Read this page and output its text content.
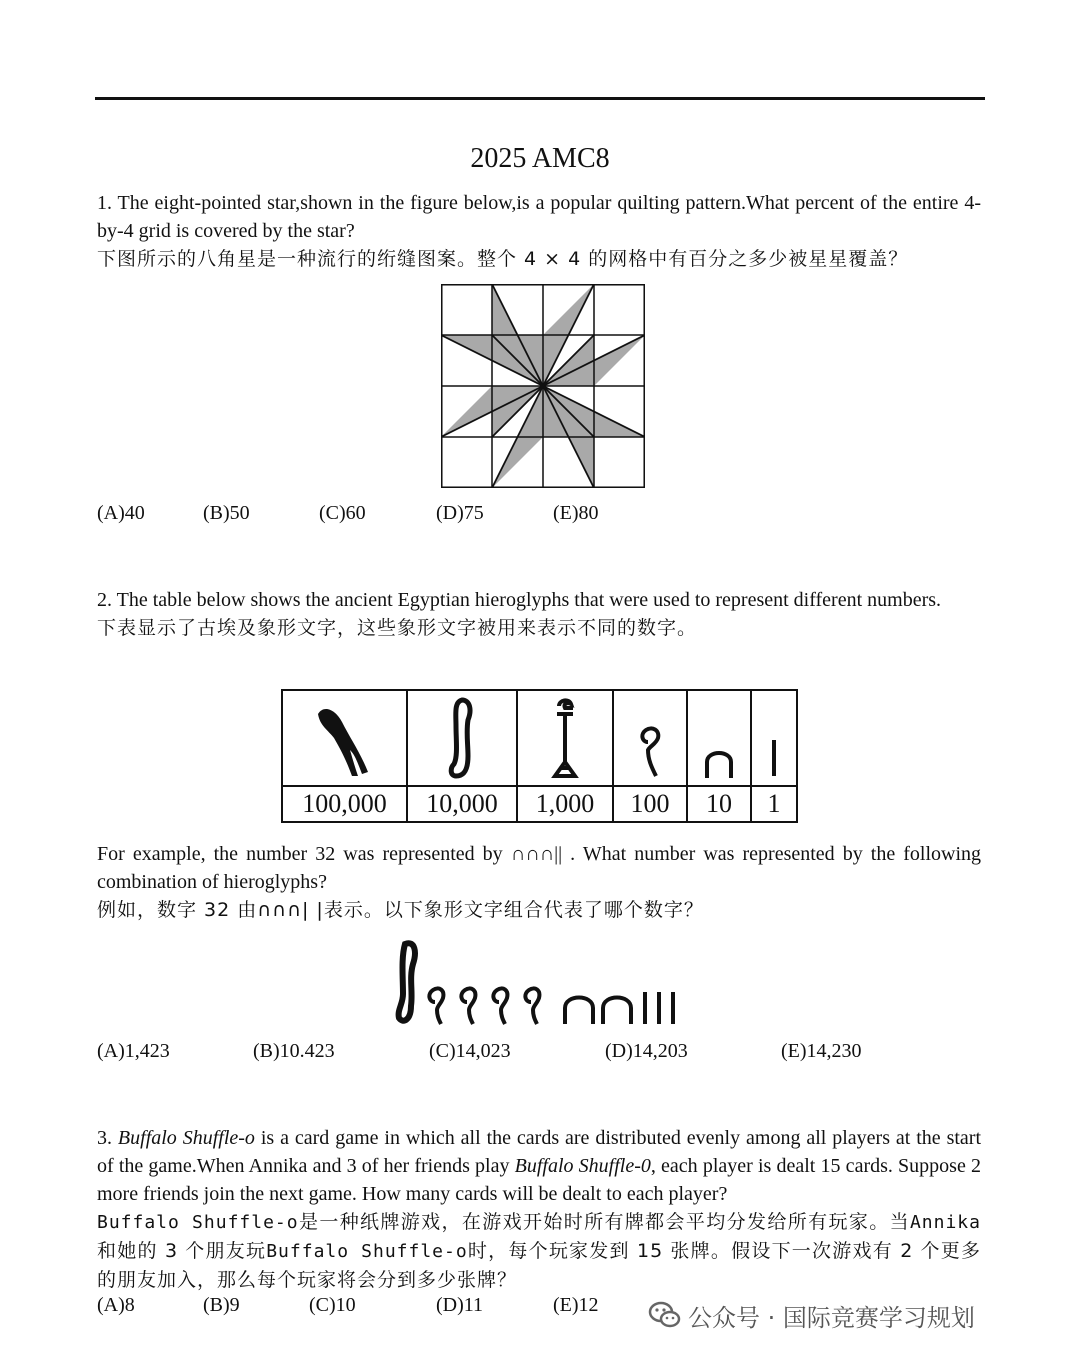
2025 AMC8
1. The eight-pointed star,shown in the figure below,is a popular quilting pattern.What percent of the entire 4-by-4 grid is covered by the star?
下图所示的八角星是一种流行的绗缝图案。整个 4 × 4 的网格中有百分之多少被星星覆盖？
(A)40	(B)50	(C)60	(D)75	(E)80
2. The table below shows the ancient Egyptian hieroglyphs that were used to represent different numbers.
下表显示了古埃及象形文字，这些象形文字被用来表示不同的数字。

100,000	10,000	1,000	100	10	1
For example, the number 32 was represented by ∩∩∩|| . What number was represented by the following combination of hieroglyphs?
例如，数字 32 由∩∩∩| |表示。以下象形文字组合代表了哪个数字？
(A)1,423	(B)10.423	(C)14,023	(D)14,203	(E)14,230
3. Buffalo Shuffle-o is a card game in which all the cards are distributed evenly among all players at the start of the game.When Annika and 3 of her friends play Buffalo Shuffle-0, each player is dealt 15 cards. Suppose 2 more friends join the next game. How many cards will be dealt to each player?
Buffalo Shuffle-o是一种纸牌游戏，在游戏开始时所有牌都会平均分发给所有玩家。当Annika和她的 3 个朋友玩Buffalo Shuffle-o时，每个玩家发到 15 张牌。假设下一次游戏有 2 个更多的朋友加入，那么每个玩家将会分到多少张牌？
(A)8	(B)9	(C)10	(D)11	(E)12	公众号 · 国际竞赛学习规划
